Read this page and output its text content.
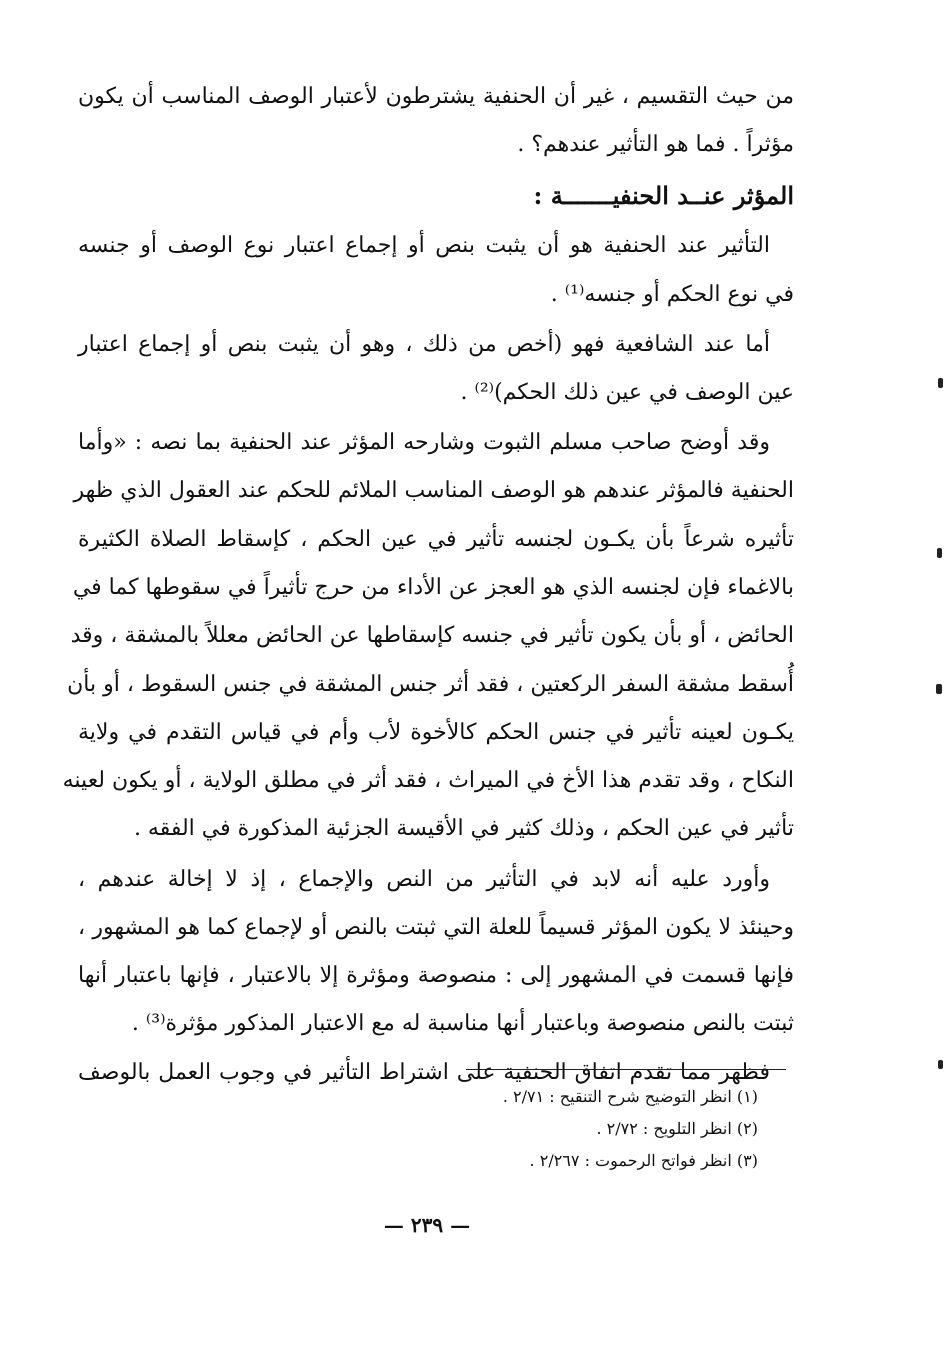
من حيث التقسيم ، غير أن الحنفية يشترطون لأعتبار الوصف المناسب أن يكون
مؤثراً . فما هو التأثير عندهم؟ .
المؤثر عنــد الحنفيـــــــة :
التأثير عند الحنفية هو أن يثبت بنص أو إجماع اعتبار نوع الوصف أو جنسه
في نوع الحكم أو جنسه⁽¹⁾ .
أما عند الشافعية فهو (أخص من ذلك ، وهو أن يثبت بنص أو إجماع اعتبار
عين الوصف في عين ذلك الحكم)⁽²⁾ .
وقد أوضح صاحب مسلم الثبوت وشارحه المؤثر عند الحنفية بما نصه : «وأما
الحنفية فالمؤثر عندهم هو الوصف المناسب الملائم للحكم عند العقول الذي ظهر
تأثيره شرعاً بأن يكـون لجنسه تأثير في عين الحكم ، كإسقاط الصلاة الكثيرة
بالاغماء فإن لجنسه الذي هو العجز عن الأداء من حرج تأثيراً في سقوطها كما في
الحائض ، أو بأن يكون تأثير في جنسه كإسقاطها عن الحائض معللاً بالمشقة ، وقد
أُسقط مشقة السفر الركعتين ، فقد أثر جنس المشقة في جنس السقوط ، أو بأن
يكـون لعينه تأثير في جنس الحكم كالأخوة لأب وأم في قياس التقدم في ولاية
النكاح ، وقد تقدم هذا الأخ في الميراث ، فقد أثر في مطلق الولاية ، أو يكون لعينه
تأثير في عين الحكم ، وذلك كثير في الأقيسة الجزئية المذكورة في الفقه .
وأورد عليه أنه لابد في التأثير من النص والإجماع ، إذ لا إخالة عندهم ،
وحينئذ لا يكون المؤثر قسيماً للعلة التي ثبتت بالنص أو لإجماع كما هو المشهور ،
فإنها قسمت في المشهور إلى : منصوصة ومؤثرة إلا بالاعتبار ، فإنها باعتبار أنها
ثبتت بالنص منصوصة وباعتبار أنها مناسبة له مع الاعتبار المذكور مؤثرة⁽³⁾ .
فظهر مما تقدم اتفاق الحنفية على اشتراط التأثير في وجوب العمل بالوصف
(١) انظر التوضيح شرح التنقيح : ٢/٧١ .
(٢) انظر التلويح : ٢/٧٢ .
(٣) انظر فواتح الرحموت : ٢/٢٦٧ .
— ٢٣٩ —
